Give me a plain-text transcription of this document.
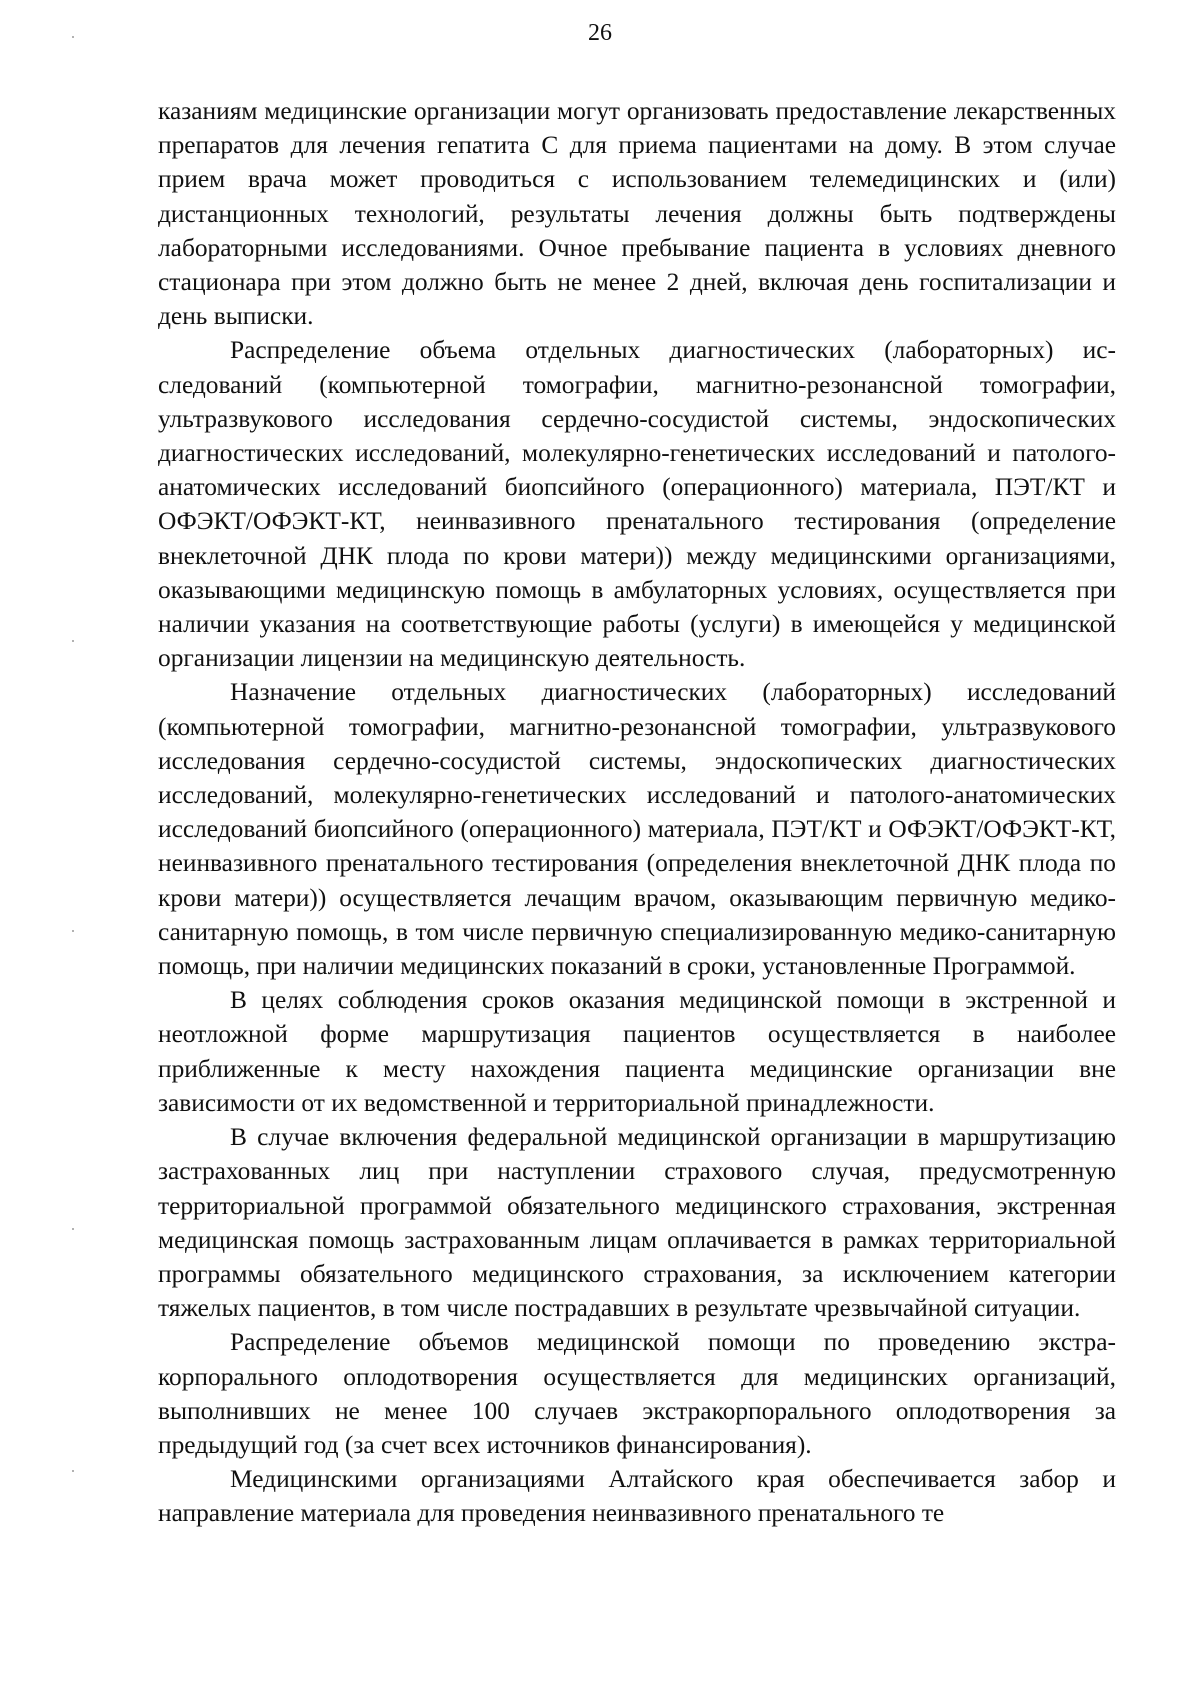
26

казаниям медицинские организации могут организовать предоставление лекарственных препаратов для лечения гепатита С для приема пациентами на дому. В этом случае прием врача может проводиться с использованием телемедицинских и (или) дистанционных технологий, результаты лечения должны быть подтверждены лабораторными исследованиями. Очное пребывание пациента в условиях дневного стационара при этом должно быть не менее 2 дней, включая день госпитализации и день выписки.

Распределение объема отдельных диагностических (лабораторных) исследований (компьютерной томографии, магнитно-резонансной томографии, ультразвукового исследования сердечно-сосудистой системы, эндоскопических диагностических исследований, молекулярно-генетических исследований и патолого-анатомических исследований биопсийного (операционного) материала, ПЭТ/КТ и ОФЭКТ/ОФЭКТ-КТ, неинвазивного пренатального тестирования (определение внеклеточной ДНК плода по крови матери)) между медицинскими организациями, оказывающими медицинскую помощь в амбулаторных условиях, осуществляется при наличии указания на соответствующие работы (услуги) в имеющейся у медицинской организации лицензии на медицинскую деятельность.

Назначение отдельных диагностических (лабораторных) исследований (компьютерной томографии, магнитно-резонансной томографии, ультразвукового исследования сердечно-сосудистой системы, эндоскопических диагностических исследований, молекулярно-генетических исследований и патолого-анатомических исследований биопсийного (операционного) материала, ПЭТ/КТ и ОФЭКТ/ОФЭКТ-КТ, неинвазивного пренатального тестирования (определения внеклеточной ДНК плода по крови матери)) осуществляется лечащим врачом, оказывающим первичную медико-санитарную помощь, в том числе первичную специализированную медико-санитарную помощь, при наличии медицинских показаний в сроки, установленные Программой.

В целях соблюдения сроков оказания медицинской помощи в экстренной и неотложной форме маршрутизация пациентов осуществляется в наиболее приближенные к месту нахождения пациента медицинские организации вне зависимости от их ведомственной и территориальной принадлежности.

В случае включения федеральной медицинской организации в маршрутизацию застрахованных лиц при наступлении страхового случая, предусмотренную территориальной программой обязательного медицинского страхования, экстренная медицинская помощь застрахованным лицам оплачивается в рамках территориальной программы обязательного медицинского страхования, за исключением категории тяжелых пациентов, в том числе пострадавших в результате чрезвычайной ситуации.

Распределение объемов медицинской помощи по проведению экстракорпорального оплодотворения осуществляется для медицинских организаций, выполнивших не менее 100 случаев экстракорпорального оплодотворения за предыдущий год (за счет всех источников финансирования).

Медицинскими организациями Алтайского края обеспечивается забор и направление материала для проведения неинвазивного пренатального те
